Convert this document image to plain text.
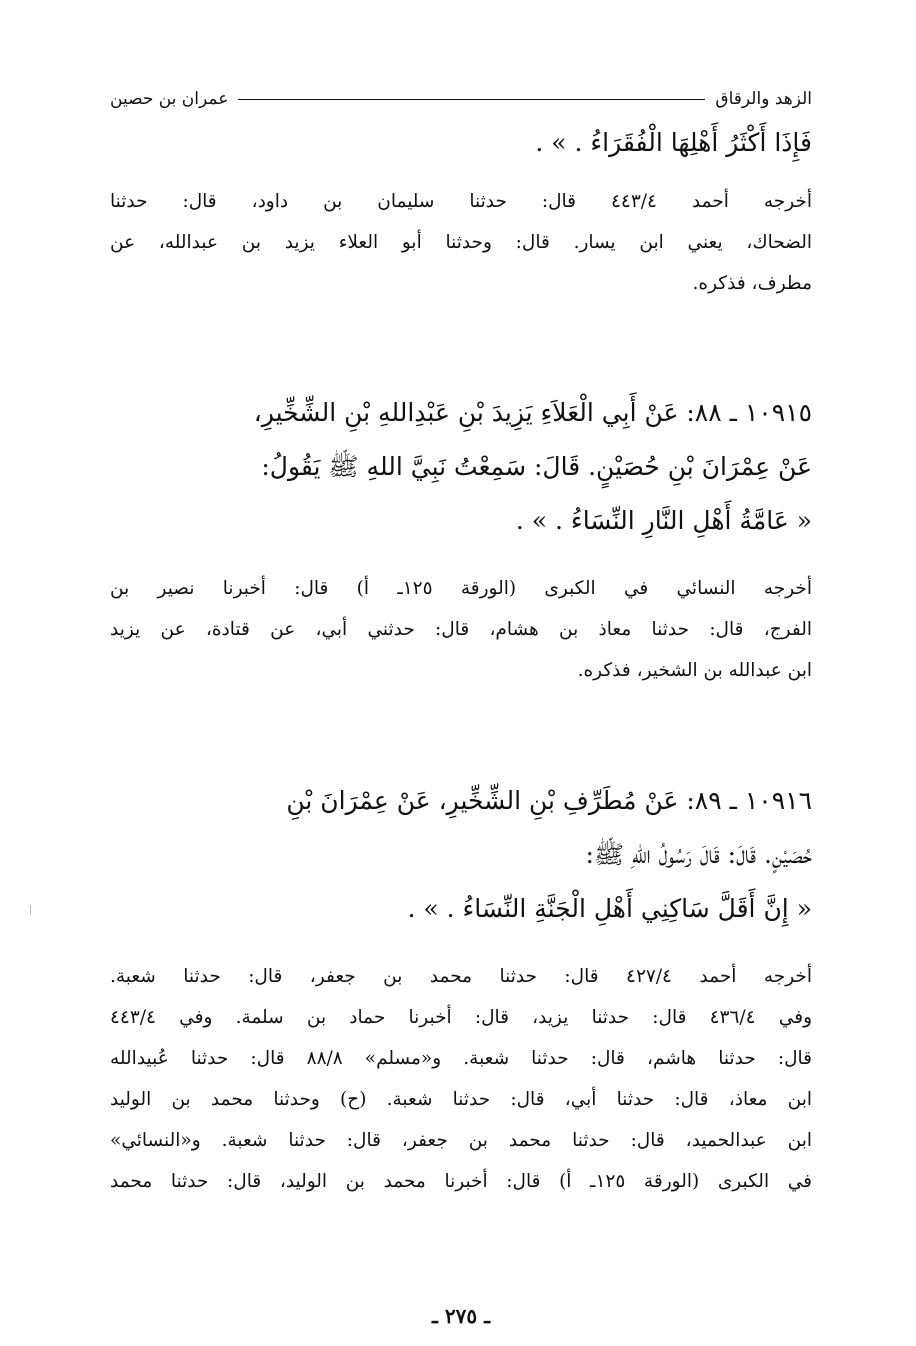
الزهد والرقاق
عمران بن حصين
فَإِذَا أَكْثَرُ أَهْلِهَا الْفُقَرَاءُ . » .
أخرجه أحمد ٤٤٣/٤ قال: حدثنا سليمان بن داود، قال: حدثنا
الضحاك، يعني ابن يسار. قال: وحدثنا أبو العلاء يزيد بن عبدالله، عن
مطرف، فذكره.
١٠٩١٥ ـ ٨٨: عَنْ أَبِي الْعَلاَءِ يَزِيدَ بْنِ عَبْدِاللهِ بْنِ الشِّخِّيرِ،
عَنْ عِمْرَانَ بْنِ حُصَيْنٍ. قَالَ: سَمِعْتُ نَبِيَّ اللهِ ﷺ يَقُولُ:
« عَامَّةُ أَهْلِ النَّارِ النِّسَاءُ . » .
أخرجه النسائي في الكبرى (الورقة ١٢٥ـ أ) قال: أخبرنا نصير بن
الفرج، قال: حدثنا معاذ بن هشام، قال: حدثني أبي، عن قتادة، عن يزيد
ابن عبدالله بن الشخير، فذكره.
١٠٩١٦ ـ ٨٩: عَنْ مُطَرِّفِ بْنِ الشِّخِّيرِ، عَنْ عِمْرَانَ بْنِ
حُصَيْنٍ. قَالَ: قَالَ رَسُولُ اللهِ ﷺ:
« إِنَّ أَقَلَّ سَاكِنِي أَهْلِ الْجَنَّةِ النِّسَاءُ . » .
أخرجه أحمد ٤٢٧/٤ قال: حدثنا محمد بن جعفر، قال: حدثنا شعبة.
وفي ٤٣٦/٤ قال: حدثنا يزيد، قال: أخبرنا حماد بن سلمة. وفي ٤٤٣/٤
قال: حدثنا هاشم، قال: حدثنا شعبة. و«مسلم» ٨٨/٨ قال: حدثنا عُبيدالله
ابن معاذ، قال: حدثنا أبي، قال: حدثنا شعبة. (ح) وحدثنا محمد بن الوليد
ابن عبدالحميد، قال: حدثنا محمد بن جعفر، قال: حدثنا شعبة. و«النسائي»
في الكبرى (الورقة ١٢٥ـ أ) قال: أخبرنا محمد بن الوليد، قال: حدثنا محمد
ـ ٢٧٥ ـ
